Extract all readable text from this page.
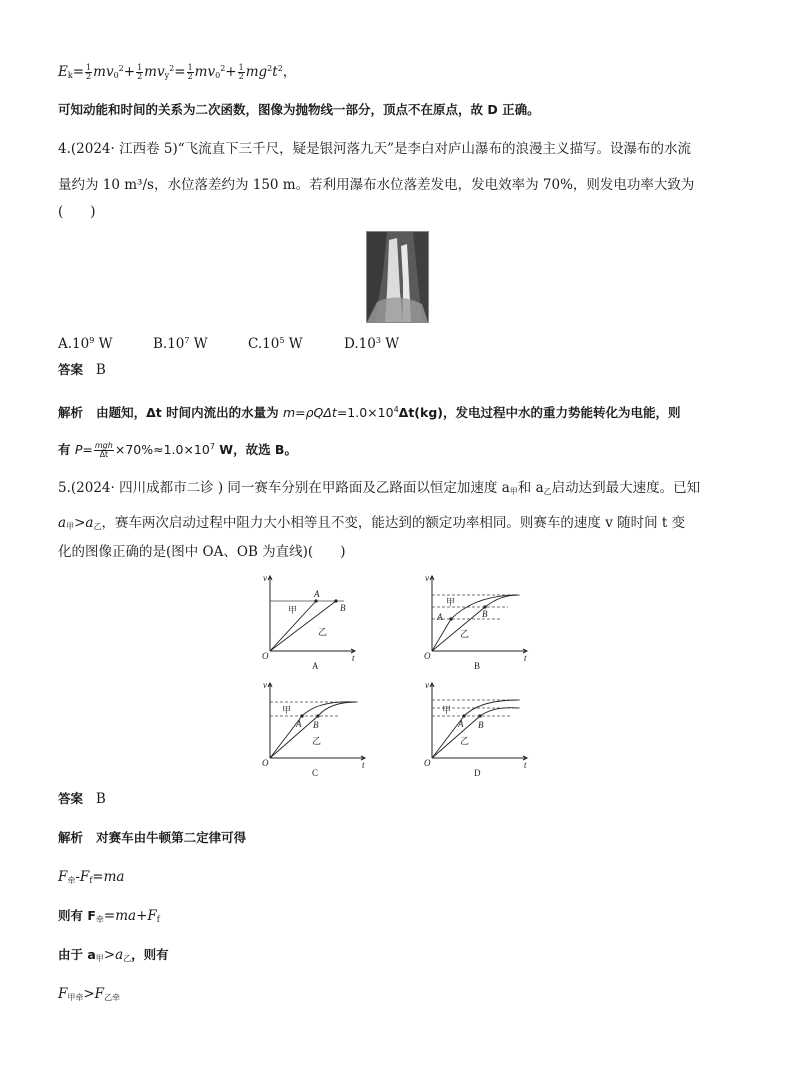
$E_k= \frac{1}{2} mv_0^2+ \frac{1}{2} mv_y^2= \frac{1}{2} mv_0^2+ \frac{1}{2} mg^2t^2$，
可知动能和时间的关系为二次函数，图像为抛物线一部分，顶点不在原点，故 D 正确。
4.(2024· 江西卷 5)“飞流直下三千尺，疑是银河落九天”是李白对庐山瀑布的浪漫主义描写。设瀑布的水流
量约为 10 m³/s，水位落差约为 150 m。若利用瀑布水位落差发电，发电效率为 70%，则发电功率大致为
(　　)
$A.10^9$ W	$B.10^7$ W	$C.10^5$ W	$D.10^3$ W
答案 B
解析 由题知，Δt 时间内流出的水量为 $m=\rho Q\Delta t=1.0\times 10^4\Delta t(kg)$，发电过程中水的重力势能转化为电能，则
有 $P= \frac{\text{mgh}}{\Delta t} \times 70\%\approx 1.0\times 10^7$ W，故选 B。
5.(2024· 四川成都市二诊 ) 同一赛车分别在甲路面及乙路面以恒定加速度 $a_甲$和 $a_乙$启动达到最大速度。已知
$a_甲>a_乙$，赛车两次启动过程中阻力大小相等且不变，能达到的额定功率相同。则赛车的速度 v 随时间 t 变
化的图像正确的是(图中 OA、OB 为直线)(　　)
v
O	t
A
B
甲
乙
A
v
O	t
A	B
甲
乙
B
v
O	t
A B
甲
乙
C
v
O	t
A B
甲
乙
D
答案 B
解析 对赛车由牛顿第二定律可得
$F_牵-F_f=ma$
则有 $F_牵=ma+F_f$
由于 $a_甲>a_乙$，则有
$F_{甲牵}>F_{乙牵}$
